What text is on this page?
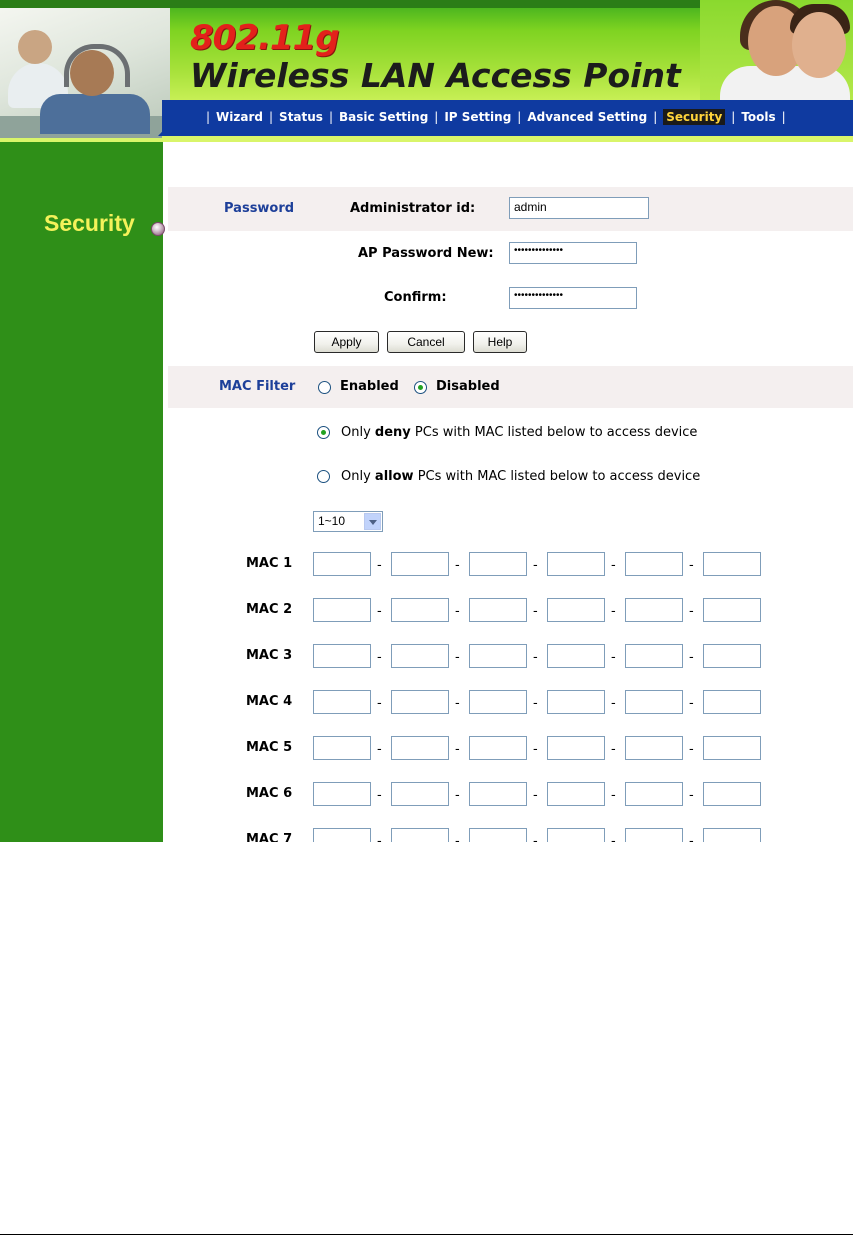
802.11g
Wireless LAN Access Point
| Wizard | Status | Basic Setting | IP Setting | Advanced Setting | Security | Tools |
Security
Password	Administrator id:	admin
AP Password New:	••••••••••••••
Confirm:	••••••••••••••
Apply	Cancel	Help
MAC Filter	Enabled	Disabled
Only deny PCs with MAC listed below to access device
Only allow PCs with MAC listed below to access device
1~10
MAC 1	-	-	-	-	-
MAC 2	-	-	-	-	-
MAC 3	-	-	-	-	-
MAC 4	-	-	-	-	-
MAC 5	-	-	-	-	-
MAC 6	-	-	-	-	-
MAC 7	-	-	-	-	-
